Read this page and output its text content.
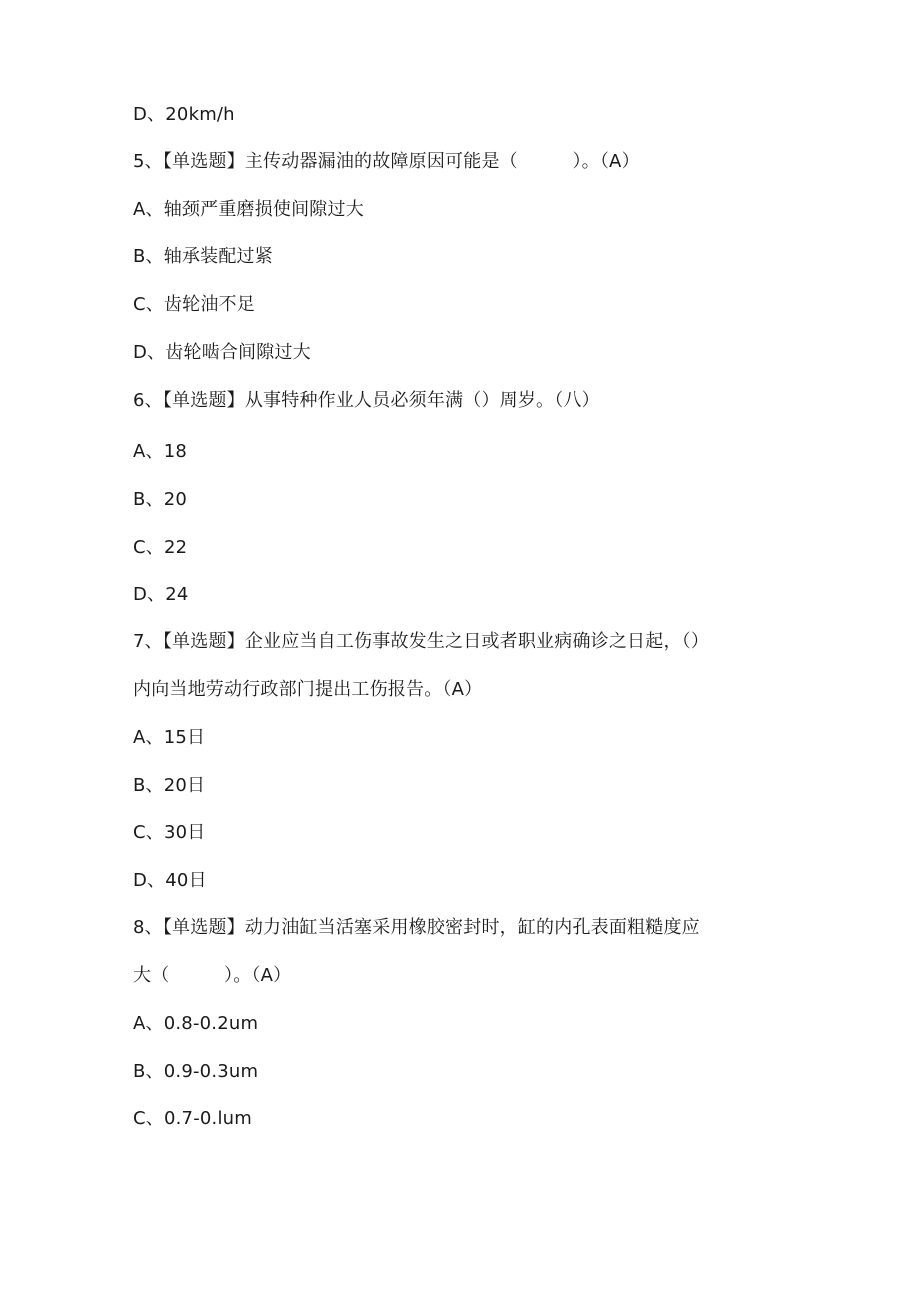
D、20km/h
5、【单选题】主传动器漏油的故障原因可能是（　　　）。（A）
A、轴颈严重磨损使间隙过大
B、轴承装配过紧
C、齿轮油不足
D、齿轮啮合间隙过大
6、【单选题】从事特种作业人员必须年满（）周岁。（八）
A、18
B、20
C、22
D、24
7、【单选题】企业应当自工伤事故发生之日或者职业病确诊之日起，（）
内向当地劳动行政部门提出工伤报告。（A）
A、15日
B、20日
C、30日
D、40日
8、【单选题】动力油缸当活塞采用橡胶密封时，缸的内孔表面粗糙度应
大（　　　）。（A）
A、0.8-0.2um
B、0.9-0.3um
C、0.7-0.lum
